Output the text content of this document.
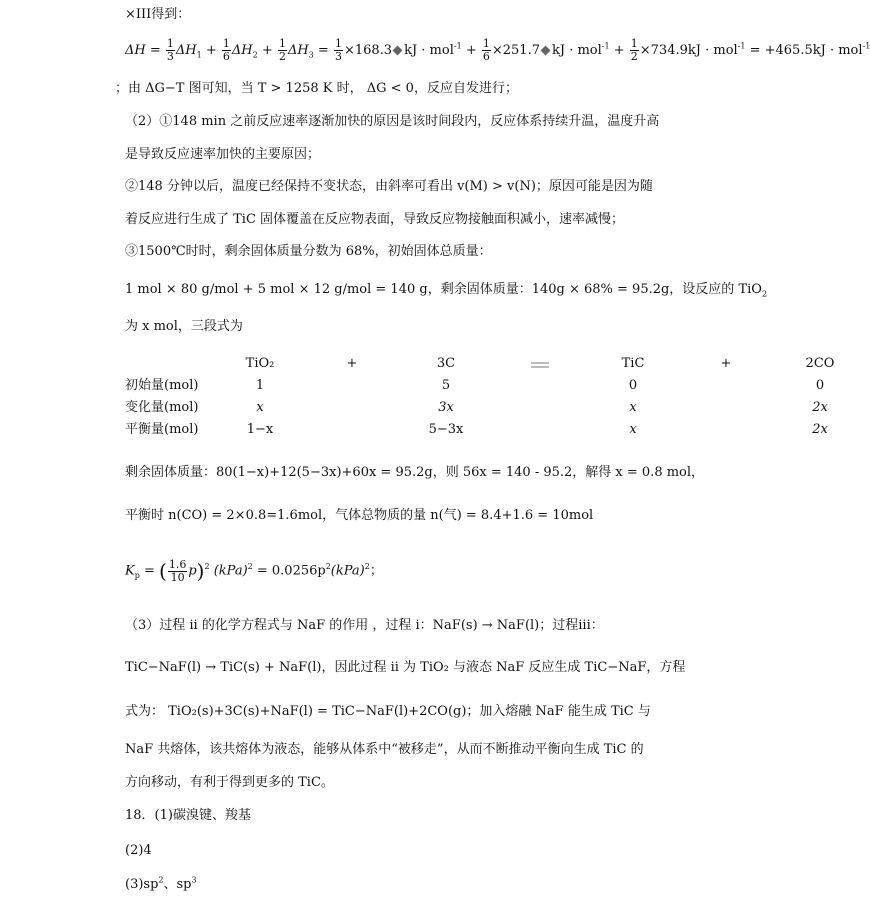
×III得到：
$\Delta H = \frac{1}{3} \Delta H_1 + \frac{1}{6} \Delta H_2 + \frac{1}{2} \Delta H_3 = \frac{1}{3} \times 168.3$ kJ · $mol^{-1} + \frac{1}{6} \times 251.7$ kJ · $mol^{-1} + \frac{1}{2} \times 734.9kJ \cdot mol^{-1} = +465.5kJ \cdot mol^{-1}$
；由 ΔG−T 图可知，当 T > 1258 K 时， ΔG < 0，反应自发进行；
（2）①148 min 之前反应速率逐渐加快的原因是该时间段内，反应体系持续升温，温度升高
是导致反应速率加快的主要原因；
②148 分钟以后，温度已经保持不变状态，由斜率可看出 v(M) > v(N)；原因可能是因为随
着反应进行生成了 TiC 固体覆盖在反应物表面，导致反应物接触面积减小，速率减慢；
③1500℃时时，剩余固体质量分数为 68%，初始固体总质量：
1 mol × 80 g/mol + 5 mol × 12 g/mol = 140 g，剩余固体质量：140g × 68% = 95.2g，设反应的 TiO$_2$
为 x mol，三段式为
TiO₂	+	3C	TiC	+	2CO
初始量(mol)	1	5	0	0
变化量(mol)	x	3x	x	2x
平衡量(mol)	1−x	5−3x	x	2x
剩余固体质量：80(1−x)+12(5−3x)+60x = 95.2g，则 56x = 140 - 95.2，解得 x = 0.8 mol，
平衡时 n(CO) = 2×0.8=1.6mol，气体总物质的量 n(气) = 8.4+1.6 = 10mol
$K_p$ = ( $\frac{1.6}{10} p)^2$ $(kPa)^2 = 0.0256p^2(kPa)^2$；
（3）过程 ii 的化学方程式与 NaF 的作用 ，过程 i：NaF(s) → NaF(l)；过程iii：
TiC−NaF(l) → TiC(s) + NaF(l)，因此过程 ii 为 TiO₂ 与液态 NaF 反应生成 TiC−NaF，方程
式为： TiO₂(s)+3C(s)+NaF(l) = TiC−NaF(l)+2CO(g)；加入熔融 NaF 能生成 TiC 与
NaF 共熔体，该共熔体为液态，能够从体系中“被移走”，从而不断推动平衡向生成 TiC 的
方向移动，有利于得到更多的 TiC。
18．(1)碳溴键、羧基
(2)4
$(3)sp^2$、$sp^3$
